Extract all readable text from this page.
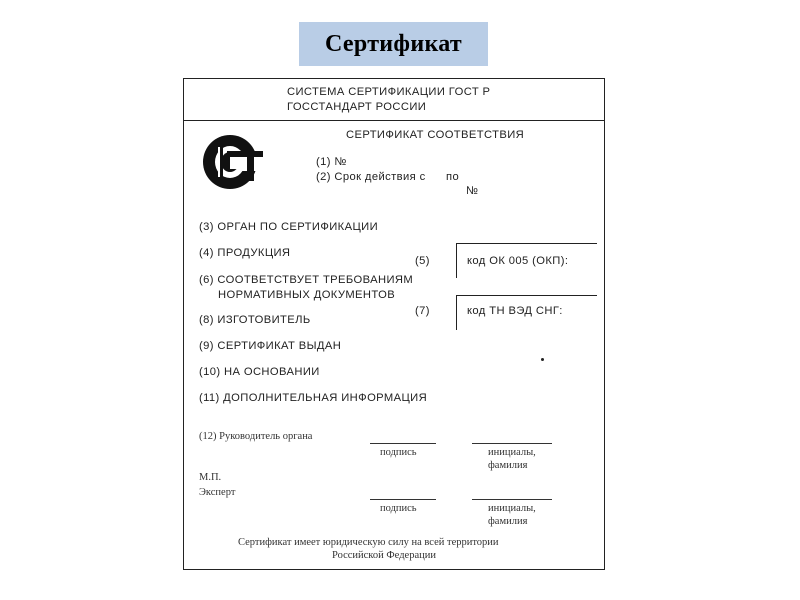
Сертификат
СИСТЕМА СЕРТИФИКАЦИИ ГОСТ Р
ГОССТАНДАРТ РОССИИ
РСТ	СЕРТИФИКАТ СООТВЕТСТВИЯ
(1) №
(2) Срок действия с по
№
(3) ОРГАН ПО СЕРТИФИКАЦИИ
(4) ПРОДУКЦИЯ
(5)	код ОК 005 (ОКП):
(6) СООТВЕТСТВУЕТ ТРЕБОВАНИЯМ
НОРМАТИВНЫХ ДОКУМЕНТОВ
(7)	код ТН ВЭД СНГ:
(8) ИЗГОТОВИТЕЛЬ
(9) СЕРТИФИКАТ ВЫДАН
(10) НА ОСНОВАНИИ
(11) ДОПОЛНИТЕЛЬНАЯ ИНФОРМАЦИЯ
(12) Руководитель органа
подпись	инициалы,
фамилия
М.П.
Эксперт
подпись	инициалы,
фамилия
Сертификат имеет юридическую силу на всей территории
Российской Федерации
